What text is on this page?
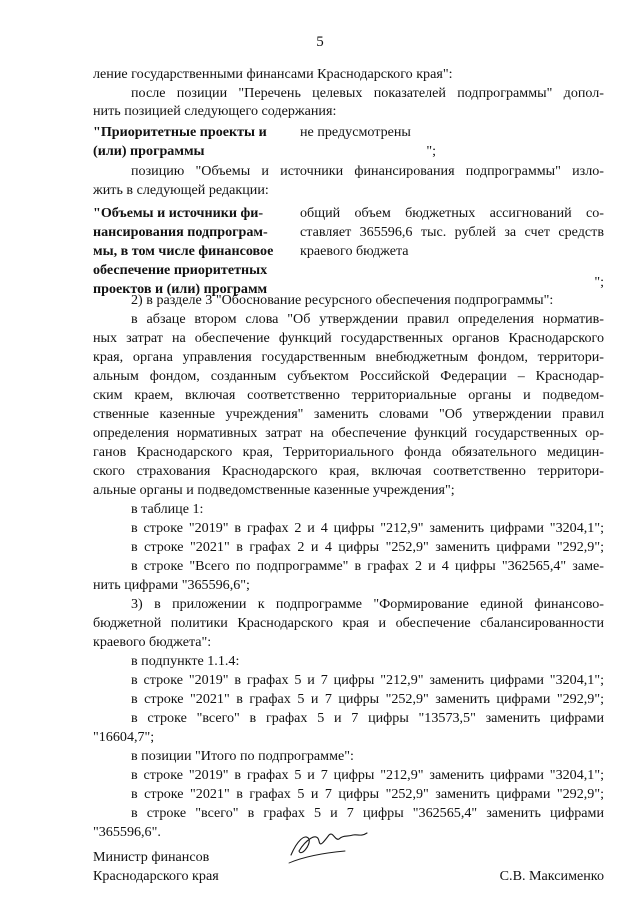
5
ление государственными финансами Краснодарского края":
после позиции "Перечень целевых показателей подпрограммы" допол-
нить позицией следующего содержания:
"Приоритетные проекты и
(или) программы
не предусмотрены
";
позицию "Объемы и источники финансирования подпрограммы" изло-
жить в следующей редакции:
"Объемы и источники фи-
нансирования подпрограм-
мы, в том числе финансовое
обеспечение приоритетных
проектов и (или) программ
общий объем бюджетных ассигнований со-
ставляет 365596,6 тыс. рублей за счет средств
краевого бюджета
";
2) в разделе 3 "Обоснование ресурсного обеспечения подпрограммы":
в абзаце втором слова "Об утверждении правил определения норматив-
ных затрат на обеспечение функций государственных органов Краснодарского
края, органа управления государственным внебюджетным фондом, территори-
альным фондом, созданным субъектом Российской Федерации – Краснодар-
ским краем, включая соответственно территориальные органы и подведом-
ственные казенные учреждения" заменить словами "Об утверждении правил
определения нормативных затрат на обеспечение функций государственных ор-
ганов Краснодарского края, Территориального фонда обязательного медицин-
ского страхования Краснодарского края, включая соответственно территори-
альные органы и подведомственные казенные учреждения";
в таблице 1:
в строке "2019" в графах 2 и 4 цифры "212,9" заменить цифрами "3204,1";
в строке "2021" в графах 2 и 4 цифры "252,9" заменить цифрами "292,9";
в строке "Всего по подпрограмме" в графах 2 и 4 цифры "362565,4" заме-
нить цифрами "365596,6";
3) в приложении к подпрограмме "Формирование единой финансово-
бюджетной политики Краснодарского края и обеспечение сбалансированности
краевого бюджета":
в подпункте 1.1.4:
в строке "2019" в графах 5 и 7 цифры "212,9" заменить цифрами "3204,1";
в строке "2021" в графах 5 и 7 цифры "252,9" заменить цифрами "292,9";
в строке "всего" в графах 5 и 7 цифры "13573,5" заменить цифрами
"16604,7";
в позиции "Итого по подпрограмме":
в строке "2019" в графах 5 и 7 цифры "212,9" заменить цифрами "3204,1";
в строке "2021" в графах 5 и 7 цифры "252,9" заменить цифрами "292,9";
в строке "всего" в графах 5 и 7 цифры "362565,4" заменить цифрами
"365596,6".
Министр финансов
Краснодарского края	С.В. Максименко
